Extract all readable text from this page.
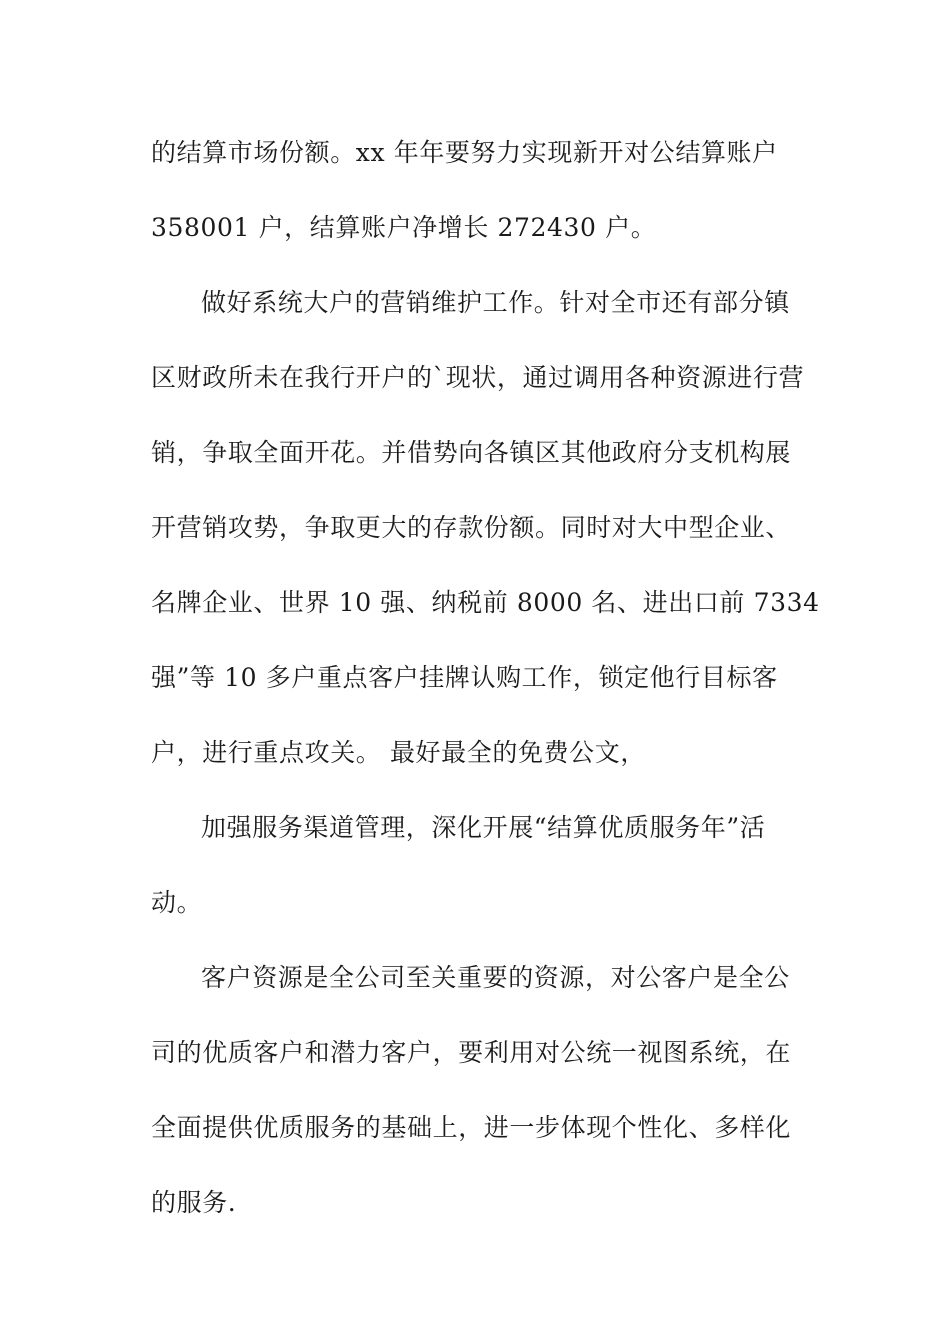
的结算市场份额。xx 年年要努力实现新开对公结算账户
358001 户，结算账户净增长 272430 户。
做好系统大户的营销维护工作。针对全市还有部分镇
区财政所未在我行开户的`现状，通过调用各种资源进行营
销，争取全面开花。并借势向各镇区其他政府分支机构展
开营销攻势，争取更大的存款份额。同时对大中型企业、
名牌企业、世界 10 强、纳税前 8000 名、进出口前 7334
强”等 10 多户重点客户挂牌认购工作，锁定他行目标客
户，进行重点攻关。 最好最全的免费公文，
加强服务渠道管理，深化开展“结算优质服务年”活
动。
客户资源是全公司至关重要的资源，对公客户是全公
司的优质客户和潜力客户，要利用对公统一视图系统，在
全面提供优质服务的基础上，进一步体现个性化、多样化
的服务.
